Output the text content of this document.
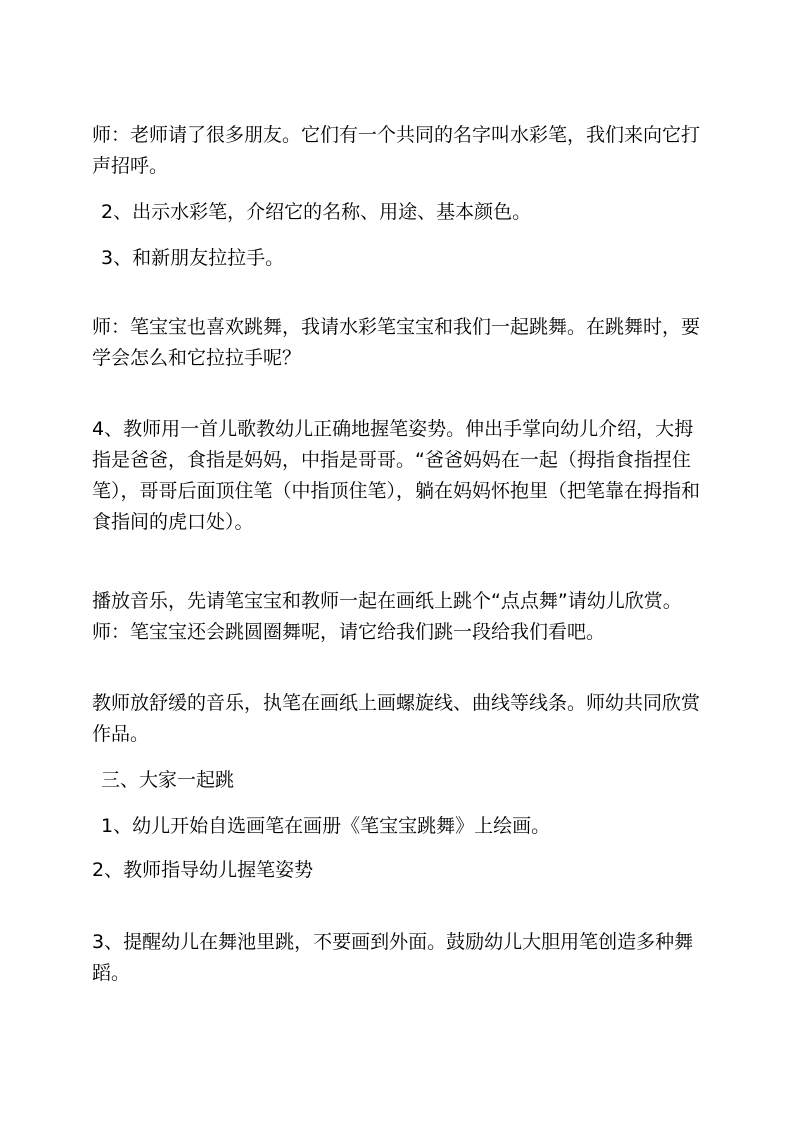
师：老师请了很多朋友。它们有一个共同的名字叫水彩笔，我们来向它打声招呼。

2、出示水彩笔，介绍它的名称、用途、基本颜色。

3、和新朋友拉拉手。

师：笔宝宝也喜欢跳舞，我请水彩笔宝宝和我们一起跳舞。在跳舞时，要学会怎么和它拉拉手呢？

4、教师用一首儿歌教幼儿正确地握笔姿势。伸出手掌向幼儿介绍，大拇指是爸爸，食指是妈妈，中指是哥哥。“爸爸妈妈在一起（拇指食指捏住笔），哥哥后面顶住笔（中指顶住笔），躺在妈妈怀抱里（把笔靠在拇指和食指间的虎口处）。

播放音乐，先请笔宝宝和教师一起在画纸上跳个“点点舞”请幼儿欣赏。 师：笔宝宝还会跳圆圈舞呢，请它给我们跳一段给我们看吧。

教师放舒缓的音乐，执笔在画纸上画螺旋线、曲线等线条。师幼共同欣赏作品。

三、大家一起跳

1、幼儿开始自选画笔在画册《笔宝宝跳舞》上绘画。

2、教师指导幼儿握笔姿势

3、提醒幼儿在舞池里跳，不要画到外面。鼓励幼儿大胆用笔创造多种舞蹈。
